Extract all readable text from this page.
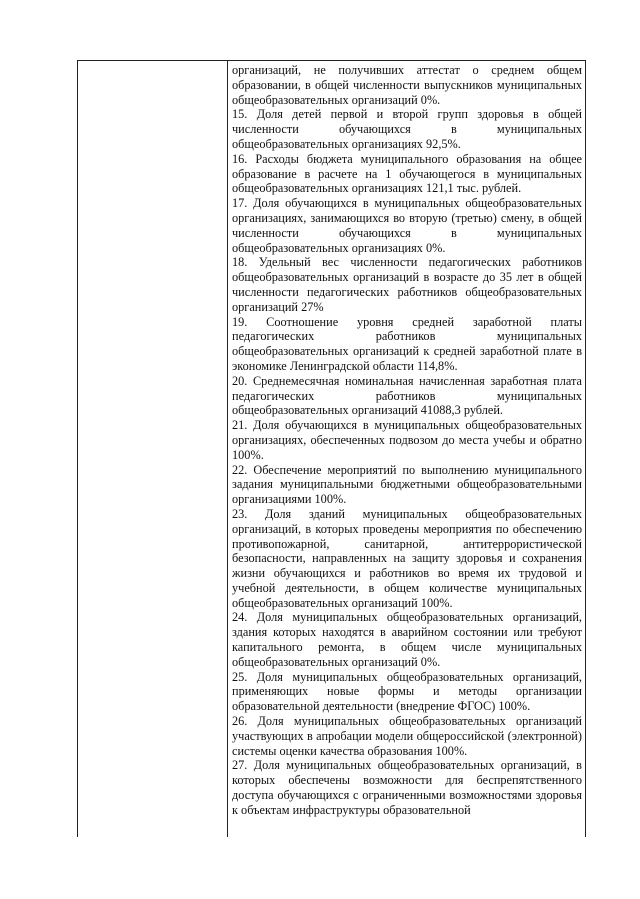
организаций, не получивших аттестат о среднем общем образовании, в общей численности выпускников муниципальных общеобразовательных организаций 0%.

15. Доля детей первой и второй групп здоровья в общей численности обучающихся в муниципальных общеобразовательных организациях 92,5%.

16. Расходы бюджета муниципального образования на общее образование в расчете на 1 обучающегося в муниципальных общеобразовательных организациях 121,1 тыс. рублей.

17. Доля обучающихся в муниципальных общеобразовательных организациях, занимающихся во вторую (третью) смену, в общей численности обучающихся в муниципальных общеобразовательных организациях 0%.

18. Удельный вес численности педагогических работников общеобразовательных организаций в возрасте до 35 лет в общей численности педагогических работников общеобразовательных организаций 27%

19. Соотношение уровня средней заработной платы педагогических работников муниципальных общеобразовательных организаций к средней заработной плате в экономике Ленинградской области 114,8%.

20. Среднемесячная номинальная начисленная заработная плата педагогических работников муниципальных общеобразовательных организаций 41088,3 рублей.

21. Доля обучающихся в муниципальных общеобразовательных организациях, обеспеченных подвозом до места учебы и обратно 100%.

22. Обеспечение мероприятий по выполнению муниципального задания муниципальными бюджетными общеобразовательными организациями 100%.

23. Доля зданий муниципальных общеобразовательных организаций, в которых проведены мероприятия по обеспечению противопожарной, санитарной, антитеррористической безопасности, направленных на защиту здоровья и сохранения жизни обучающихся и работников во время их трудовой и учебной деятельности, в общем количестве муниципальных общеобразовательных организаций 100%.

24. Доля муниципальных общеобразовательных организаций, здания которых находятся в аварийном состоянии или требуют капитального ремонта, в общем числе муниципальных общеобразовательных организаций 0%.

25. Доля муниципальных общеобразовательных организаций, применяющих новые формы и методы организации образовательной деятельности (внедрение ФГОС) 100%.

26. Доля муниципальных общеобразовательных организаций участвующих в апробации модели общероссийской (электронной) системы оценки качества образования 100%.

27. Доля муниципальных общеобразовательных организаций, в которых обеспечены возможности для беспрепятственного доступа обучающихся с ограниченными возможностями здоровья к объектам инфраструктуры образовательной
